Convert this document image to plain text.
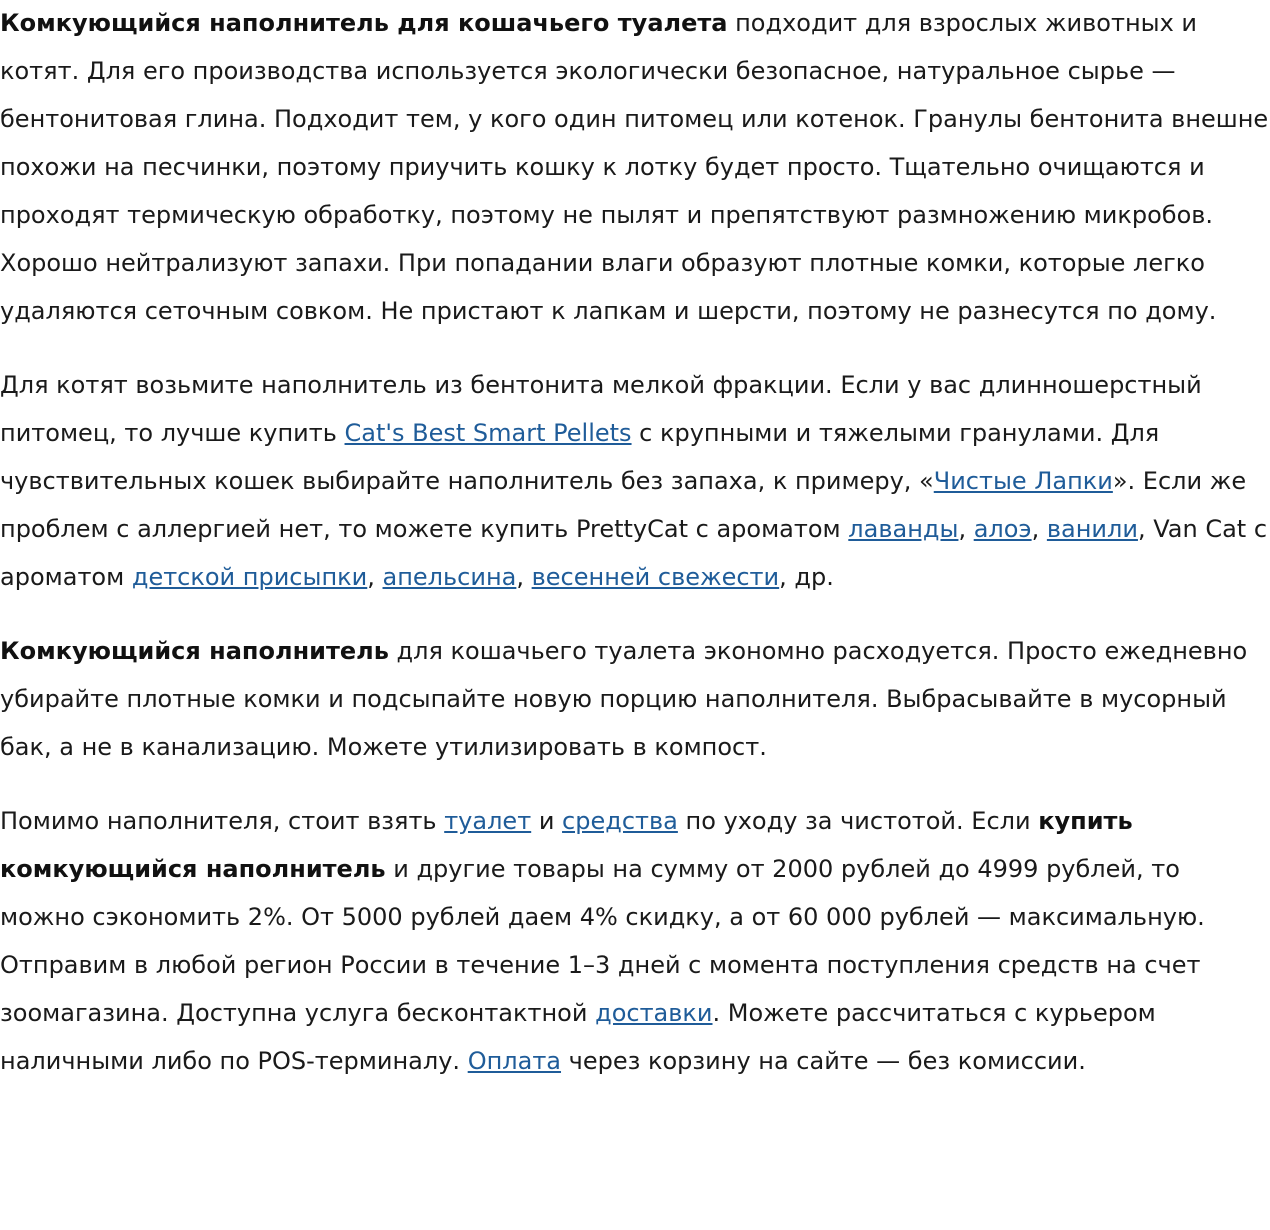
Комкующийся наполнитель для кошачьего туалета подходит для взрослых животных и котят. Для его производства используется экологически безопасное, натуральное сырье — бентонитовая глина. Подходит тем, у кого один питомец или котенок. Гранулы бентонита внешне похожи на песчинки, поэтому приучить кошку к лотку будет просто. Тщательно очищаются и проходят термическую обработку, поэтому не пылят и препятствуют размножению микробов. Хорошо нейтрализуют запахи. При попадании влаги образуют плотные комки, которые легко удаляются сеточным совком. Не пристают к лапкам и шерсти, поэтому не разнесутся по дому.

Для котят возьмите наполнитель из бентонита мелкой фракции. Если у вас длинношерстный питомец, то лучше купить Cat's Best Smart Pellets с крупными и тяжелыми гранулами. Для чувствительных кошек выбирайте наполнитель без запаха, к примеру, «Чистые Лапки». Если же проблем с аллергией нет, то можете купить PrettyCat с ароматом лаванды, алоэ, ванили, Van Cat с ароматом детской присыпки, апельсина, весенней свежести, др.

Комкующийся наполнитель для кошачьего туалета экономно расходуется. Просто ежедневно убирайте плотные комки и подсыпайте новую порцию наполнителя. Выбрасывайте в мусорный бак, а не в канализацию. Можете утилизировать в компост.

Помимо наполнителя, стоит взять туалет и средства по уходу за чистотой. Если купить комкующийся наполнитель и другие товары на сумму от 2000 рублей до 4999 рублей, то можно сэкономить 2%. От 5000 рублей даем 4% скидку, а от 60 000 рублей — максимальную. Отправим в любой регион России в течение 1–3 дней с момента поступления средств на счет зоомагазина. Доступна услуга бесконтактной доставки. Можете рассчитаться с курьером наличными либо по POS-терминалу. Оплата через корзину на сайте — без комиссии.
